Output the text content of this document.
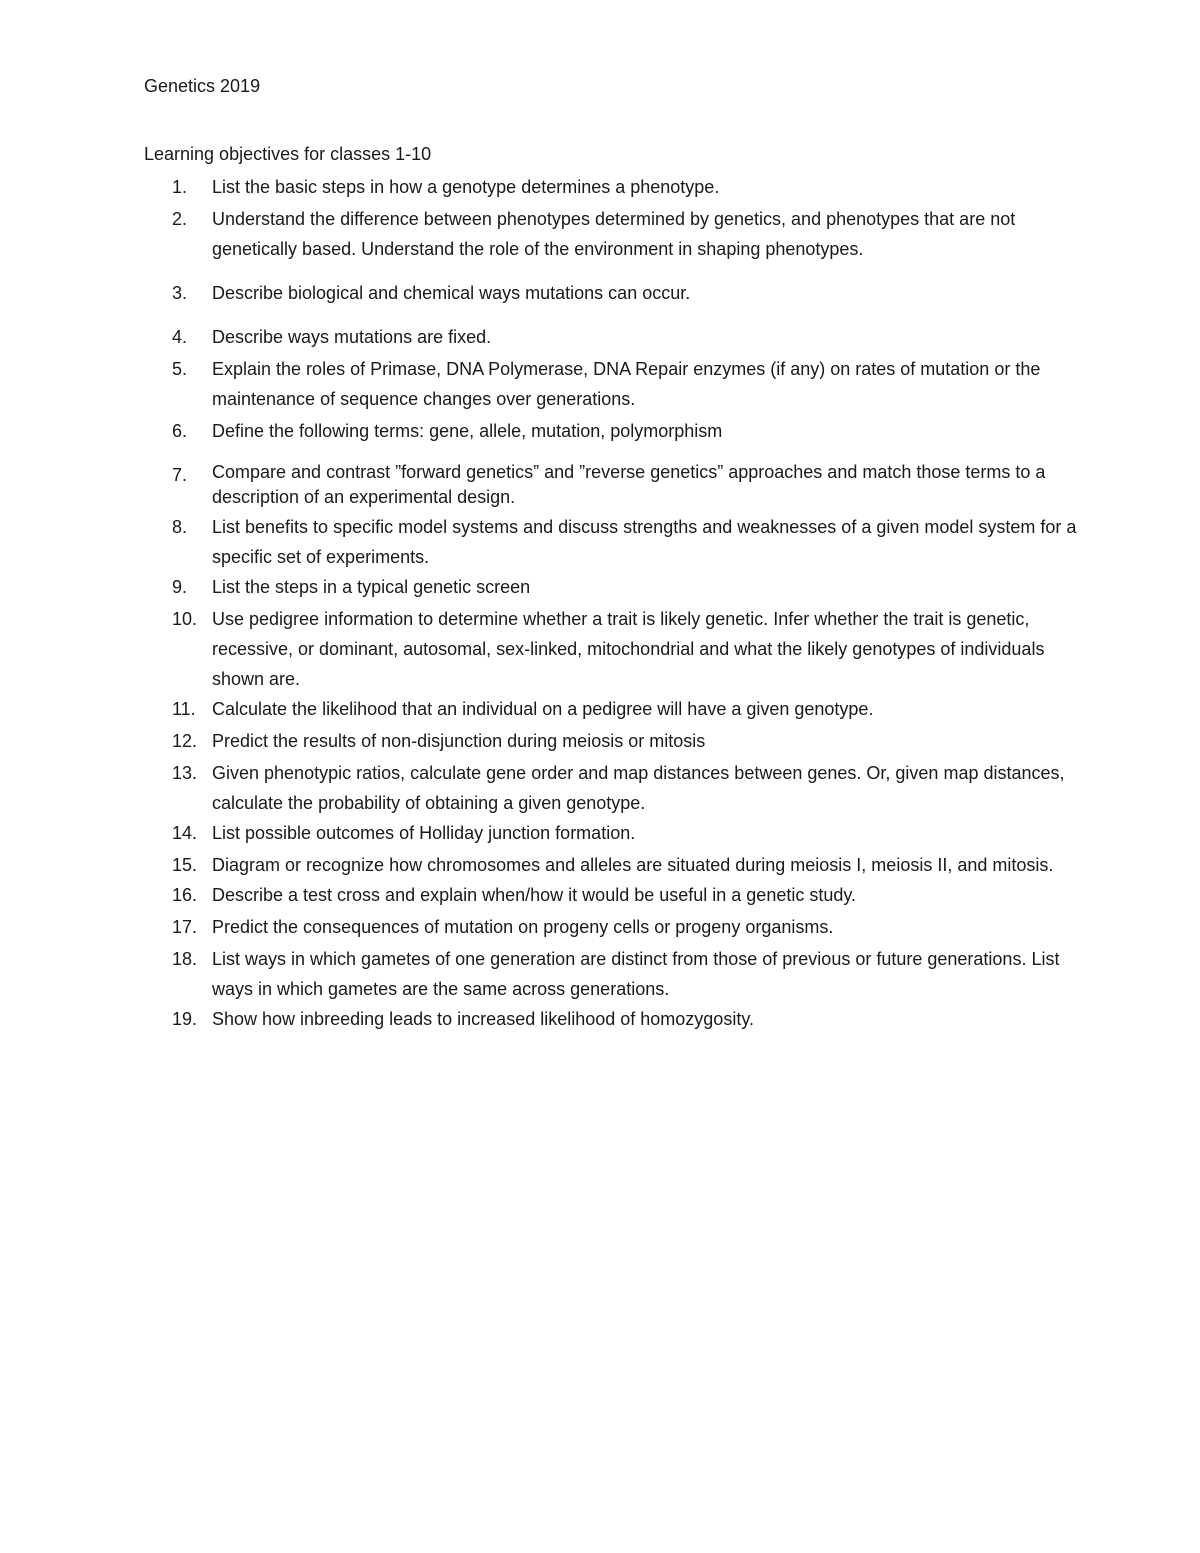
Genetics 2019
Learning objectives for classes 1-10
1.	List the basic steps in how a genotype determines a phenotype.
2.	Understand the difference between phenotypes determined by genetics, and phenotypes that are not genetically based. Understand the role of the environment in shaping phenotypes.
3.	Describe biological and chemical ways mutations can occur.
4.	Describe ways mutations are fixed.
5.	Explain the roles of Primase, DNA Polymerase, DNA Repair enzymes (if any) on rates of mutation or the maintenance of sequence changes over generations.
6.	Define the following terms: gene, allele, mutation, polymorphism
7.	Compare and contrast ”forward genetics” and ”reverse genetics” approaches and match those terms to a description of an experimental design.
8.	List benefits to specific model systems and discuss strengths and weaknesses of a given model system for a specific set of experiments.
9.	List the steps in a typical genetic screen
10. Use pedigree information to determine whether a trait is likely genetic. Infer whether the trait is genetic, recessive, or dominant, autosomal, sex-linked, mitochondrial and what the likely genotypes of individuals shown are.
11. Calculate the likelihood that an individual on a pedigree will have a given genotype.
12. Predict the results of non-disjunction during meiosis or mitosis
13. Given phenotypic ratios, calculate gene order and map distances between genes. Or, given map distances, calculate the probability of obtaining a given genotype.
14. List possible outcomes of Holliday junction formation.
15. Diagram or recognize how chromosomes and alleles are situated during meiosis I, meiosis II, and mitosis.
16. Describe a test cross and explain when/how it would be useful in a genetic study.
17. Predict the consequences of mutation on progeny cells or progeny organisms.
18. List ways in which gametes of one generation are distinct from those of previous or future generations. List ways in which gametes are the same across generations.
19. Show how inbreeding leads to increased likelihood of homozygosity.
